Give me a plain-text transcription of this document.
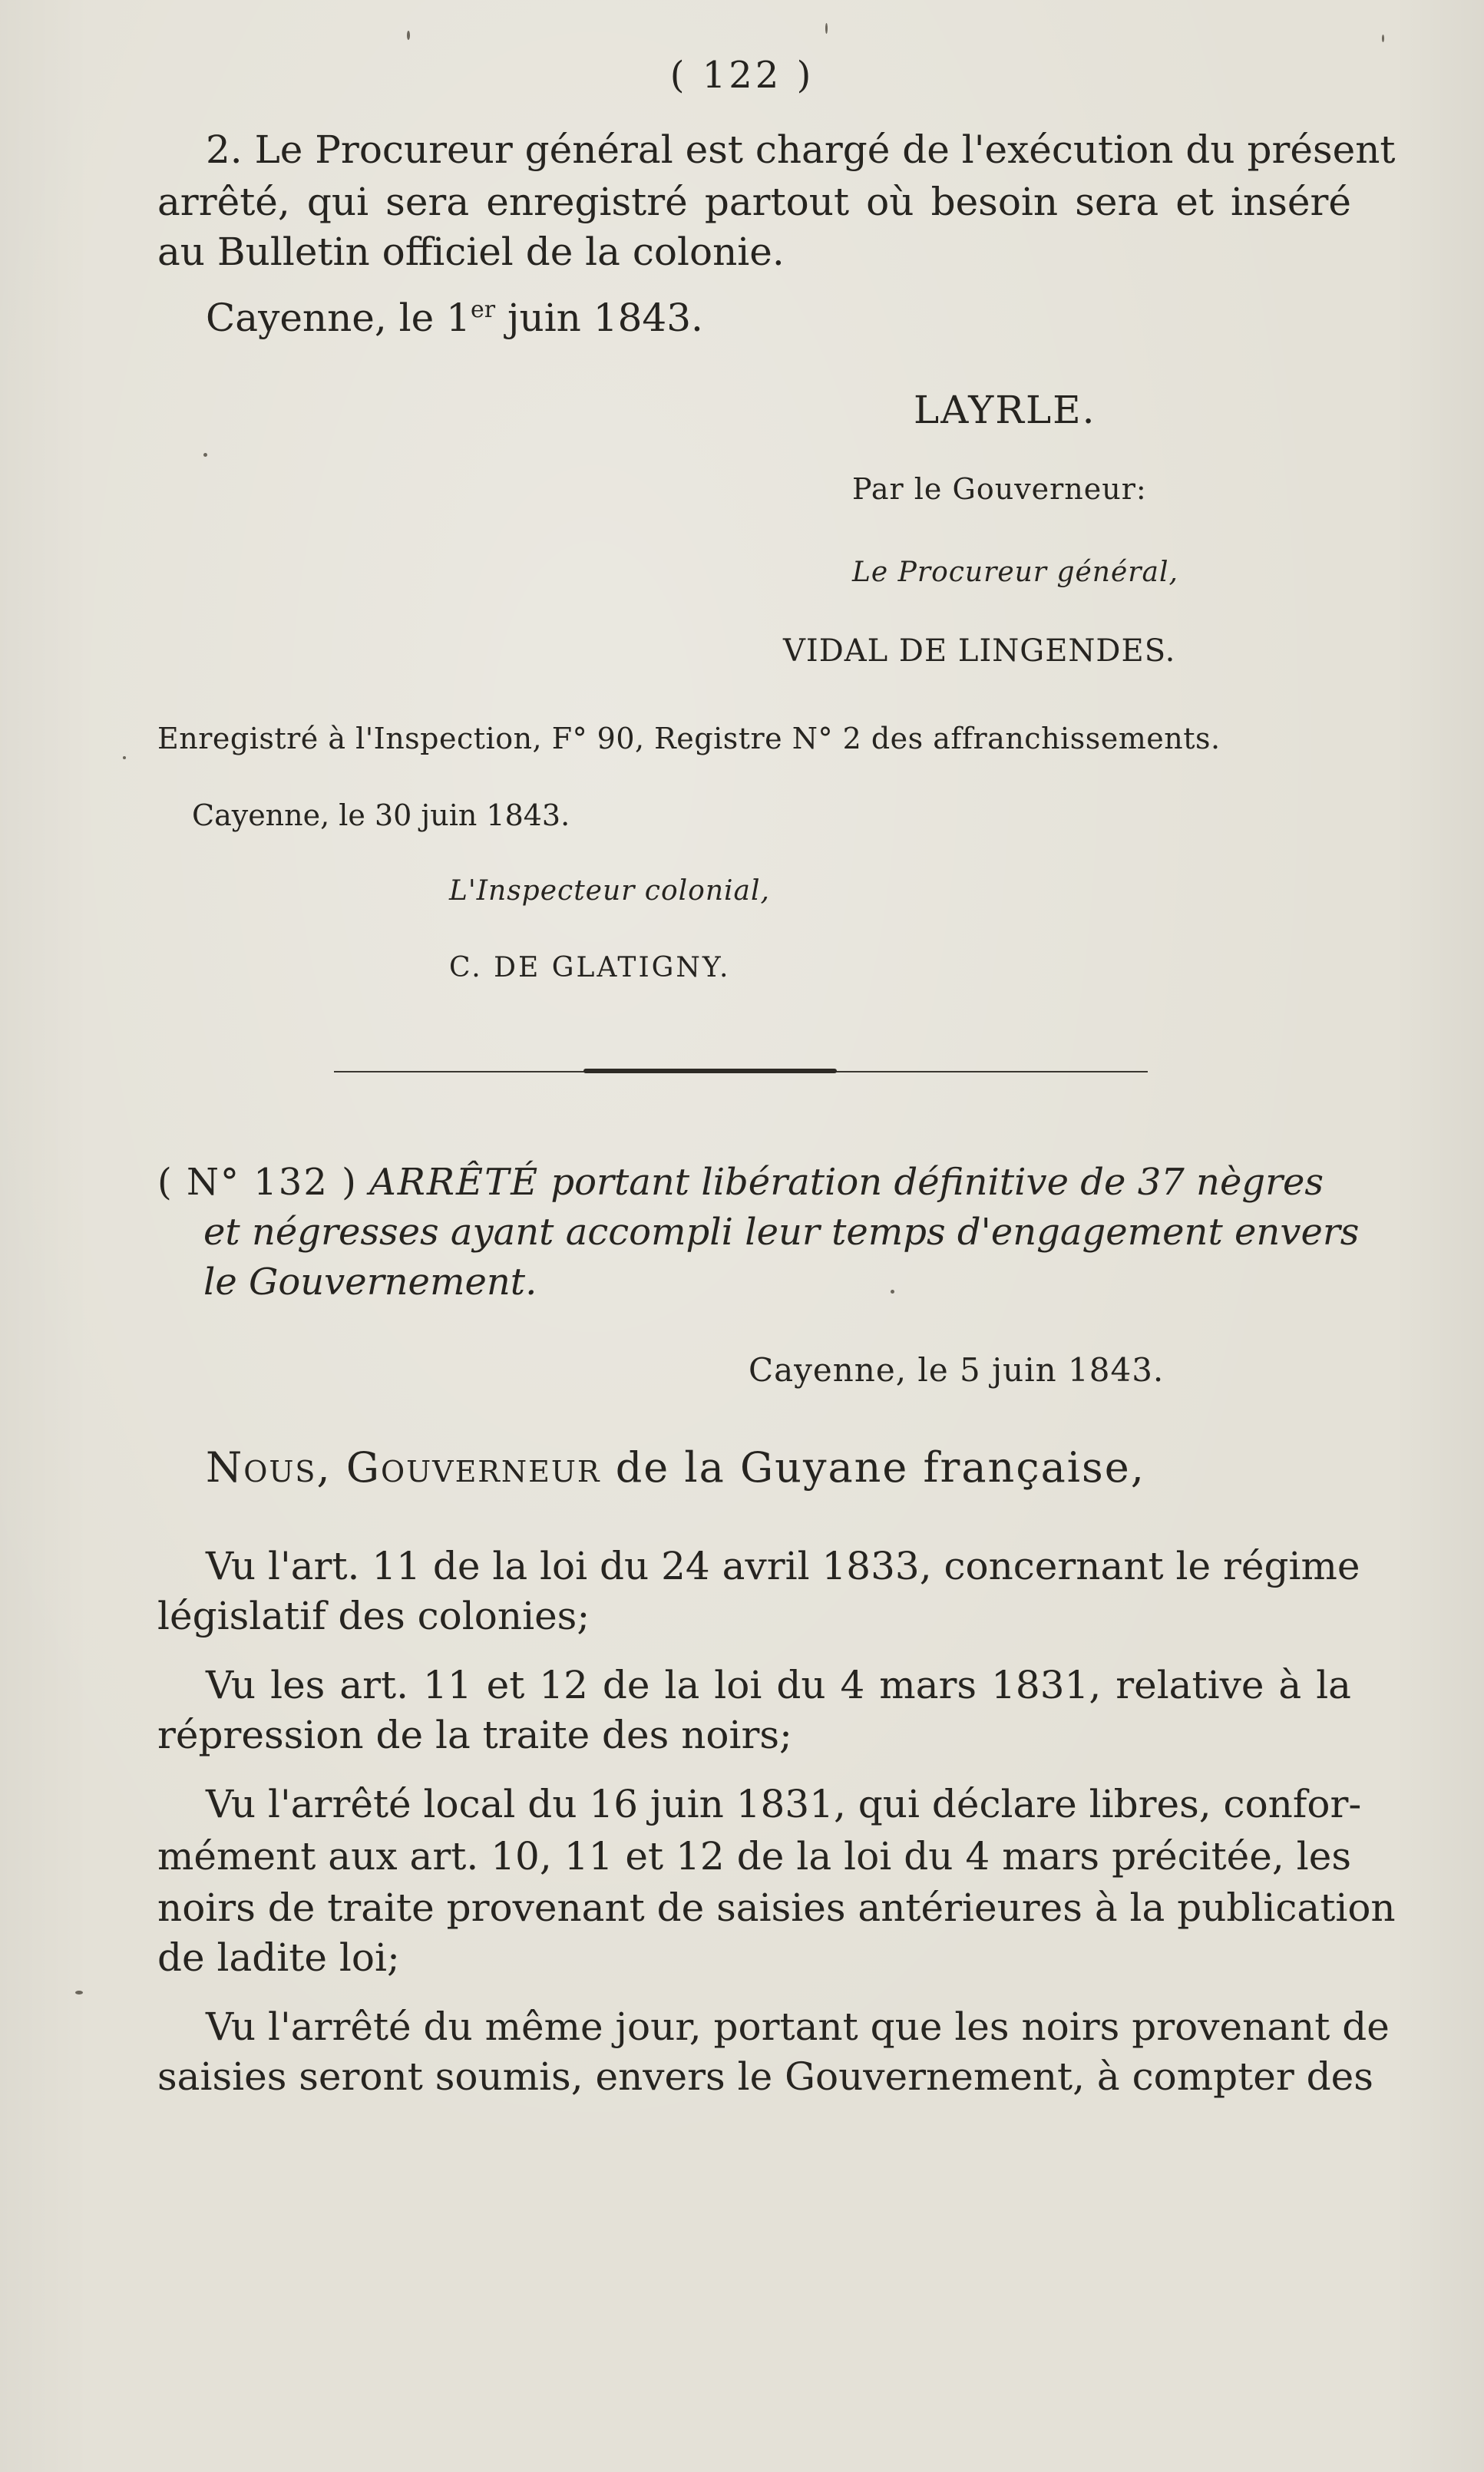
( 122 )
2. Le Procureur général est chargé de l'exécution du présent
arrêté, qui sera enregistré partout où besoin sera et inséré
au Bulletin officiel de la colonie.
Cayenne, le 1er juin 1843.
LAYRLE.
Par le Gouverneur:
Le Procureur général,
VIDAL DE LINGENDES.
Enregistré à l'Inspection, F° 90, Registre N° 2 des affranchissements.
Cayenne, le 30 juin 1843.
L'Inspecteur colonial,
C. DE GLATIGNY.
( N° 132 ) ARRÊTÉ portant libération définitive de 37 nègres
et négresses ayant accompli leur temps d'engagement envers
le Gouvernement.
Cayenne, le 5 juin 1843.
Nous, Gouverneur de la Guyane française,
Vu l'art. 11 de la loi du 24 avril 1833, concernant le régime
législatif des colonies;
Vu les art. 11 et 12 de la loi du 4 mars 1831, relative à la
répression de la traite des noirs;
Vu l'arrêté local du 16 juin 1831, qui déclare libres, confor-
mément aux art. 10, 11 et 12 de la loi du 4 mars précitée, les
noirs de traite provenant de saisies antérieures à la publication
de ladite loi;
Vu l'arrêté du même jour, portant que les noirs provenant de
saisies seront soumis, envers le Gouvernement, à compter des
